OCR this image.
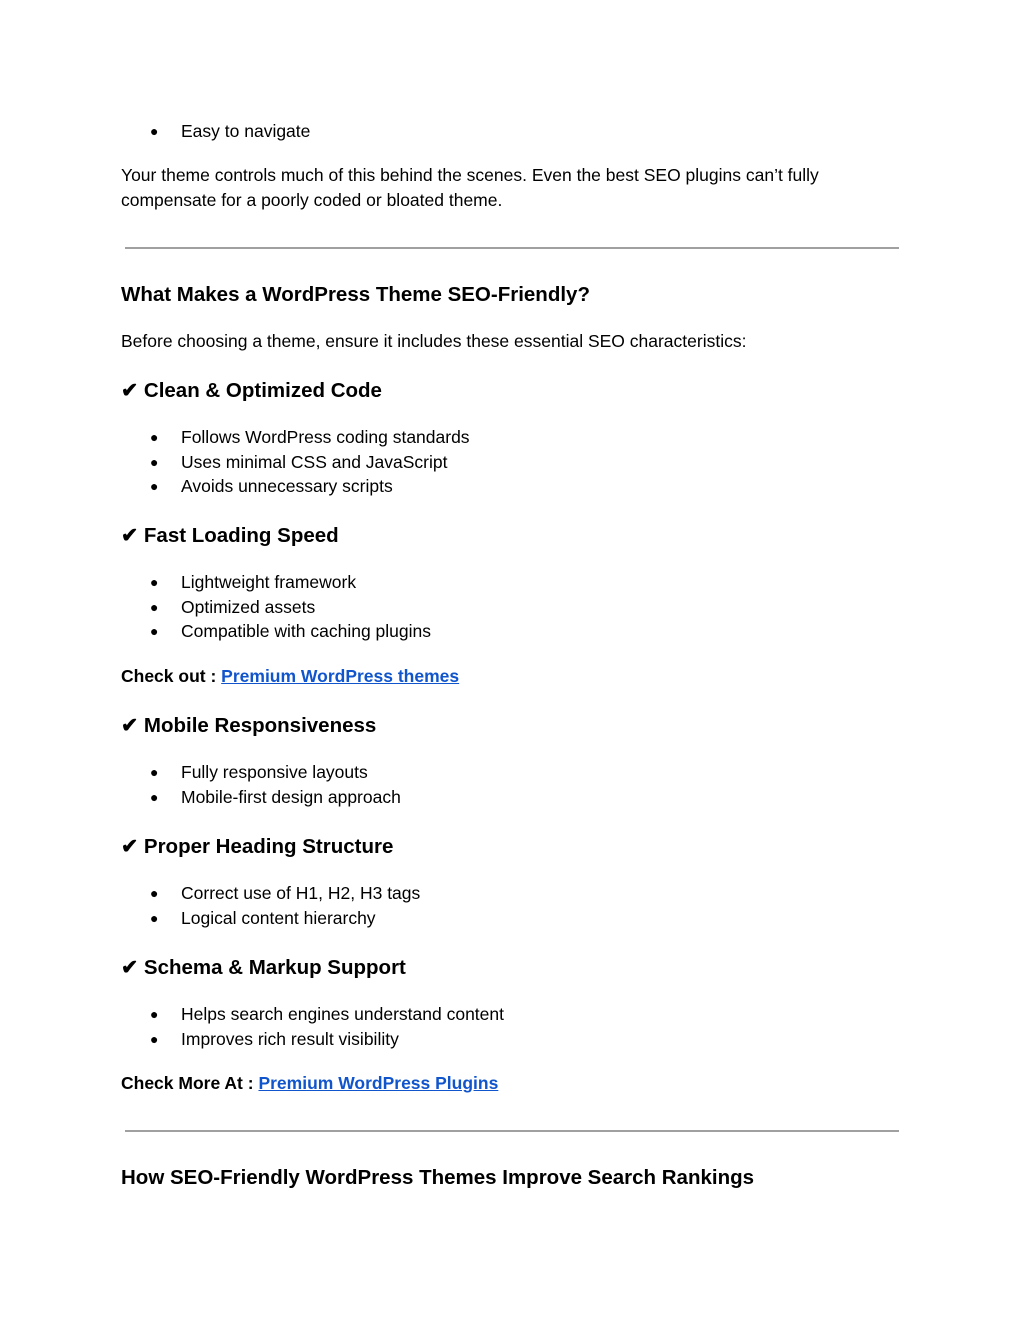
● Easy to navigate

Your theme controls much of this behind the scenes. Even the best SEO plugins can’t fully

compensate for a poorly coded or bloated theme.

What Makes a WordPress Theme SEO-Friendly?

Before choosing a theme, ensure it includes these essential SEO characteristics:

✔ Clean & Optimized Code
● Follows WordPress coding standards
● Uses minimal CSS and JavaScript
● Avoids unnecessary scripts
✔ Fast Loading Speed
● Lightweight framework
● Optimized assets
● Compatible with caching plugins

Check out : Premium WordPress themes

✔ Mobile Responsiveness
● Fully responsive layouts
● Mobile-first design approach
✔ Proper Heading Structure
● Correct use of H1, H2, H3 tags
● Logical content hierarchy
✔ Schema & Markup Support
● Helps search engines understand content
● Improves rich result visibility

Check More At : Premium WordPress Plugins

How SEO-Friendly WordPress Themes Improve Search Rankings
